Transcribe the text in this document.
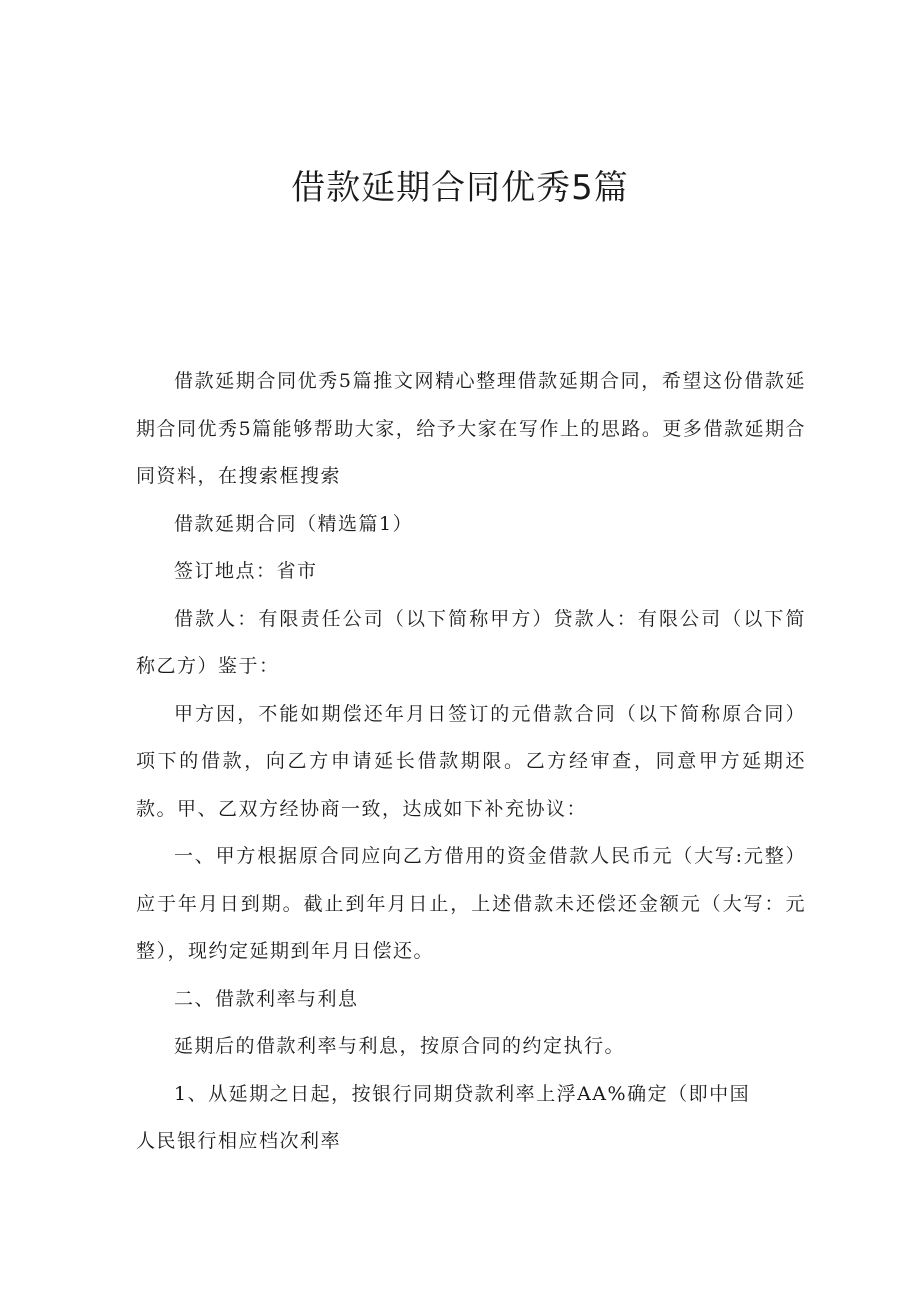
借款延期合同优秀5篇

借款延期合同优秀5篇推文网精心整理借款延期合同，希望这份借款延期合同优秀5篇能够帮助大家，给予大家在写作上的思路。更多借款延期合同资料，在搜索框搜索

借款延期合同（精选篇1）

签订地点：省市

借款人：有限责任公司（以下简称甲方）贷款人：有限公司（以下简称乙方）鉴于：

甲方因，不能如期偿还年月日签订的元借款合同（以下简称原合同）项下的借款，向乙方申请延长借款期限。乙方经审查，同意甲方延期还款。甲、乙双方经协商一致，达成如下补充协议：

一、甲方根据原合同应向乙方借用的资金借款人民币元（大写:元整）应于年月日到期。截止到年月日止，上述借款未还偿还金额元（大写：元整），现约定延期到年月日偿还。

二、借款利率与利息

延期后的借款利率与利息，按原合同的约定执行。

1、从延期之日起，按银行同期贷款利率上浮AA%确定（即中国

人民银行相应档次利率
